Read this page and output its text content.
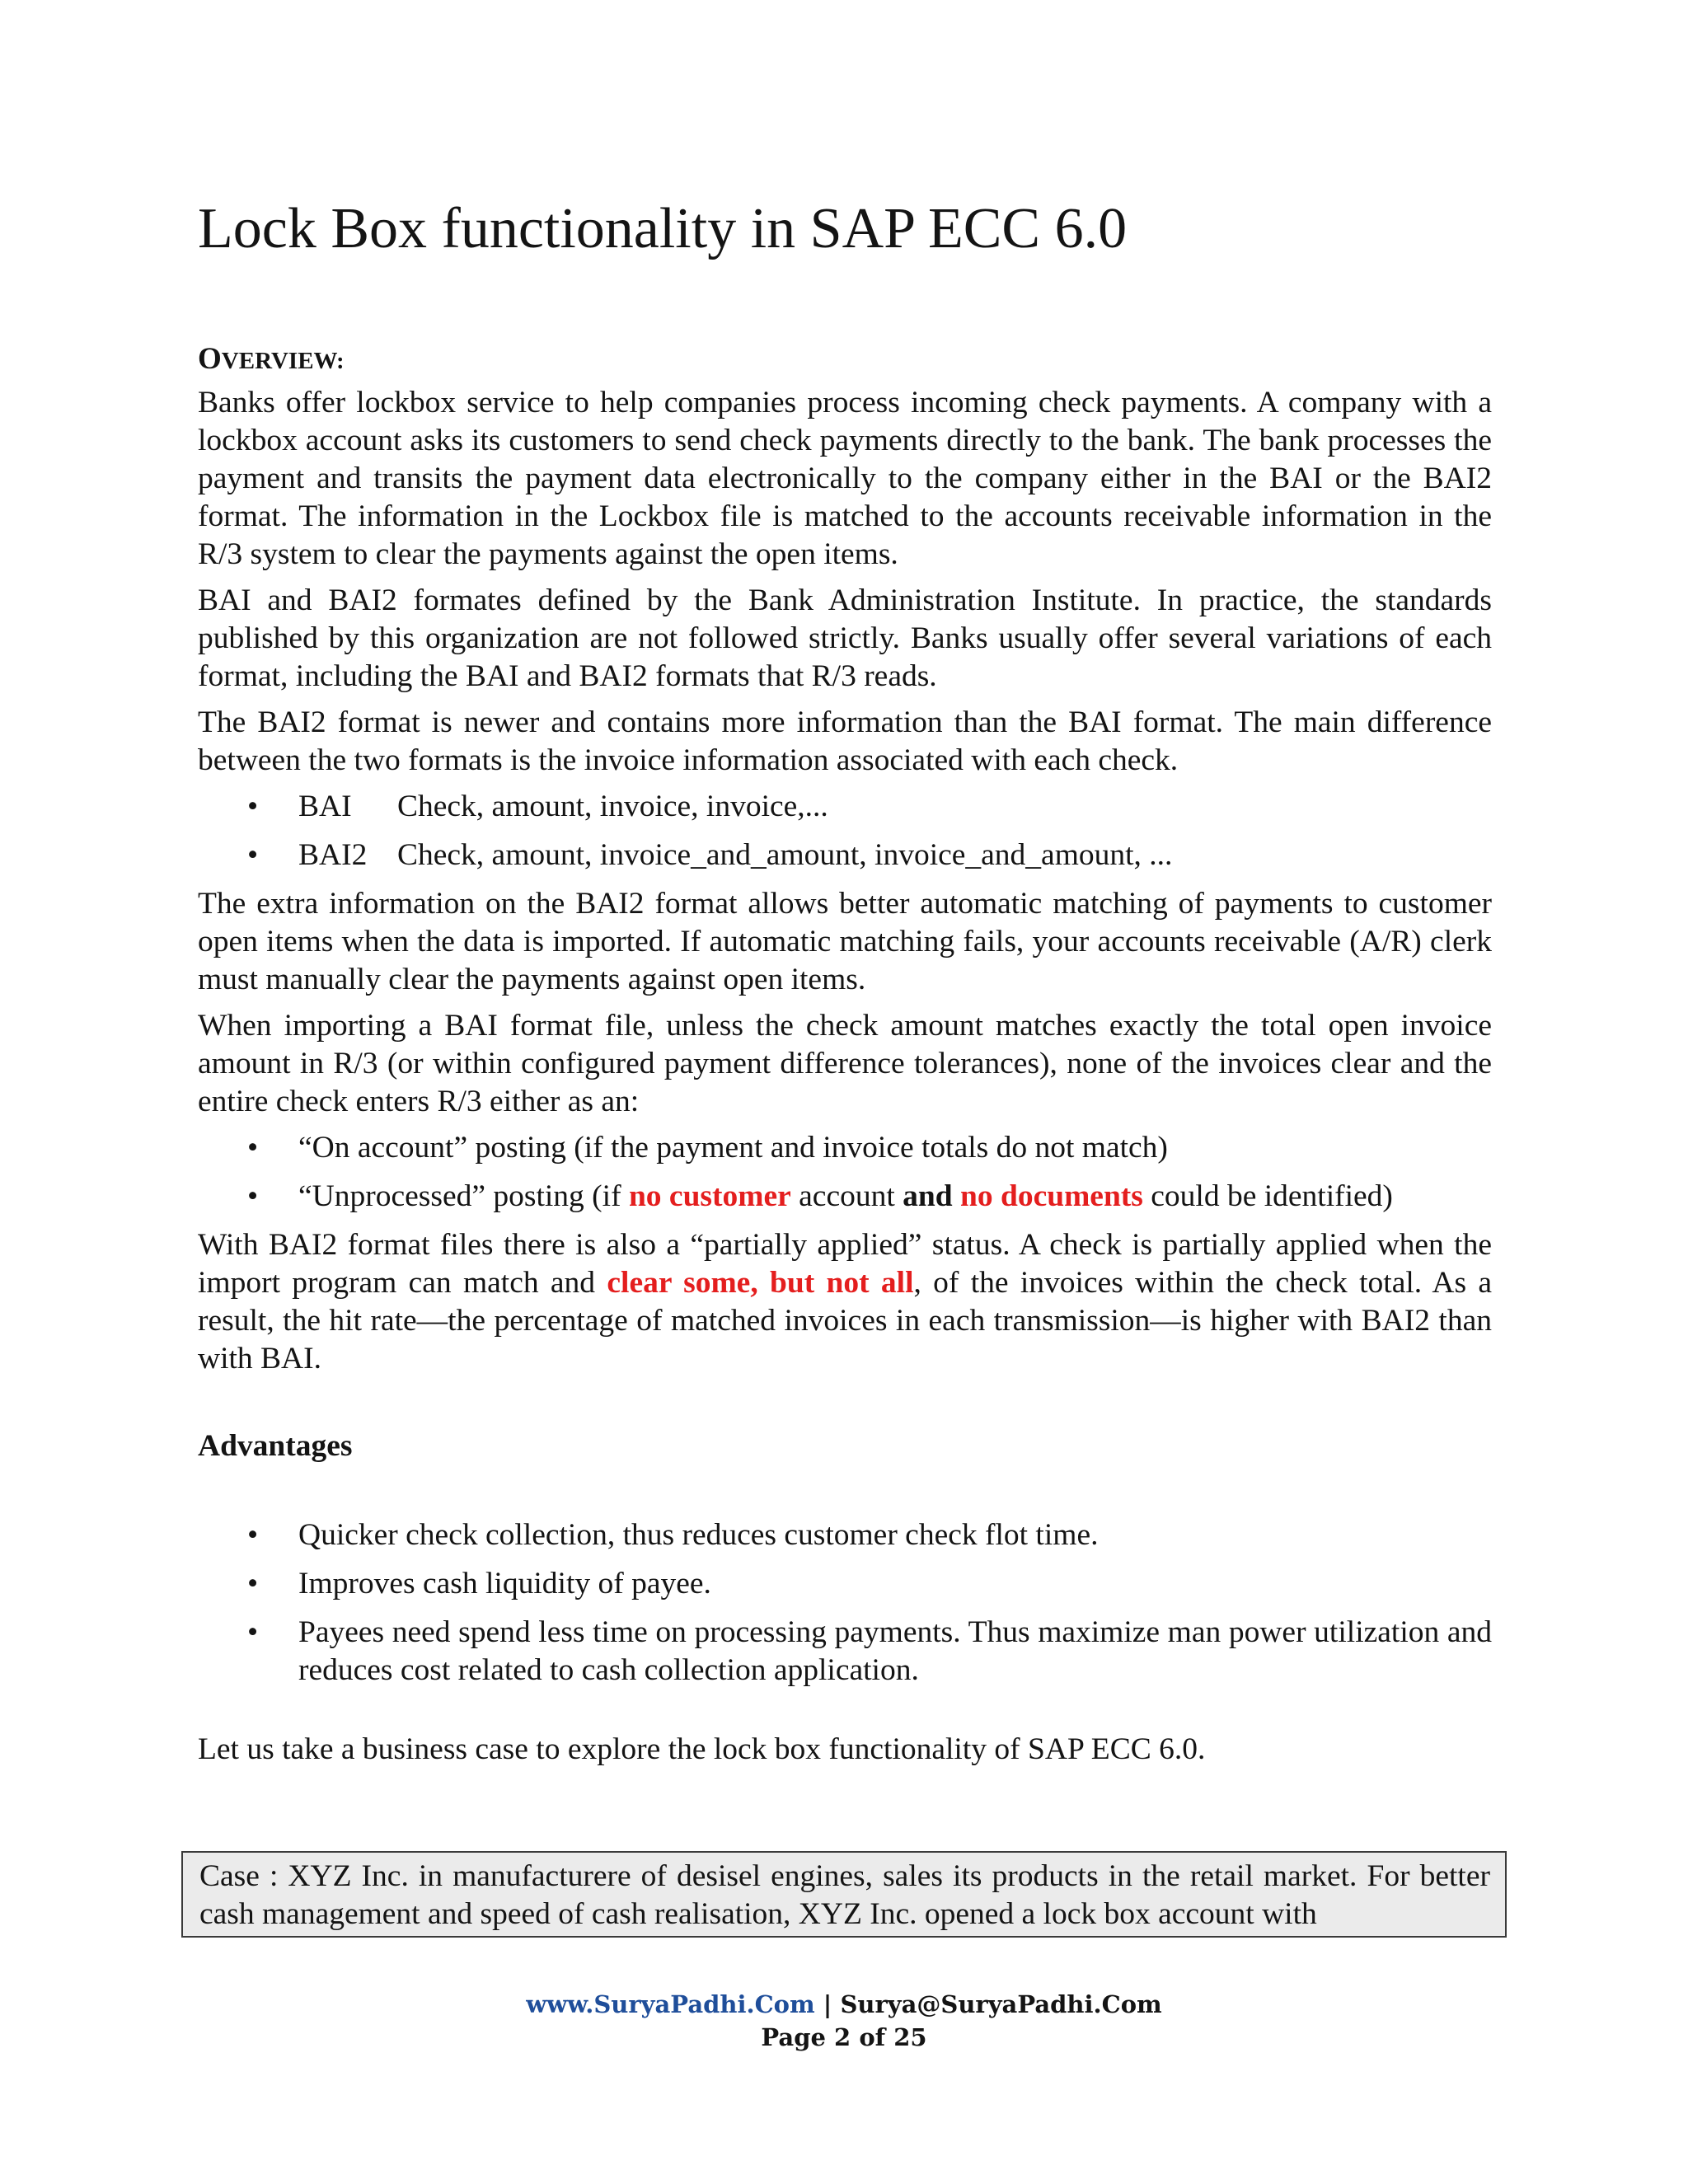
Lock Box functionality in SAP ECC 6.0
OVERVIEW:

Banks offer lockbox service to help companies process incoming check payments. A company with a lockbox account asks its customers to send check payments directly to the bank. The bank processes the payment and transits the payment data electronically to the company either in the BAI or the BAI2 format. The information in the Lockbox file is matched to the accounts receivable information in the R/3 system to clear the payments against the open items.

BAI and BAI2 formates defined by the Bank Administration Institute. In practice, the standards published by this organization are not followed strictly. Banks usually offer several variations of each format, including the BAI and BAI2 formats that R/3 reads.

The BAI2 format is newer and contains more information than the BAI format. The main difference between the two formats is the invoice information associated with each check.

• BAI Check, amount, invoice, invoice,...
• BAI2 Check, amount, invoice_and_amount, invoice_and_amount, ...

The extra information on the BAI2 format allows better automatic matching of payments to customer open items when the data is imported. If automatic matching fails, your accounts receivable (A/R) clerk must manually clear the payments against open items.

When importing a BAI format file, unless the check amount matches exactly the total open invoice amount in R/3 (or within configured payment difference tolerances), none of the invoices clear and the entire check enters R/3 either as an:

• “On account” posting (if the payment and invoice totals do not match)
• “Unprocessed” posting (if no customer account and no documents could be identified)

With BAI2 format files there is also a “partially applied” status. A check is partially applied when the import program can match and clear some, but not all, of the invoices within the check total. As a result, the hit rate—the percentage of matched invoices in each transmission—is higher with BAI2 than with BAI.

Advantages

• Quicker check collection, thus reduces customer check flot time.
• Improves cash liquidity of payee.
• Payees need spend less time on processing payments. Thus maximize man power utilization and reduces cost related to cash collection application.

Let us take a business case to explore the lock box functionality of SAP ECC 6.0.

Case : XYZ Inc. in manufacturere of desisel engines, sales its products in the retail market. For better cash management and speed of cash realisation, XYZ Inc. opened a lock box account with
www.SuryaPadhi.Com | Surya@SuryaPadhi.Com
Page 2 of 25
